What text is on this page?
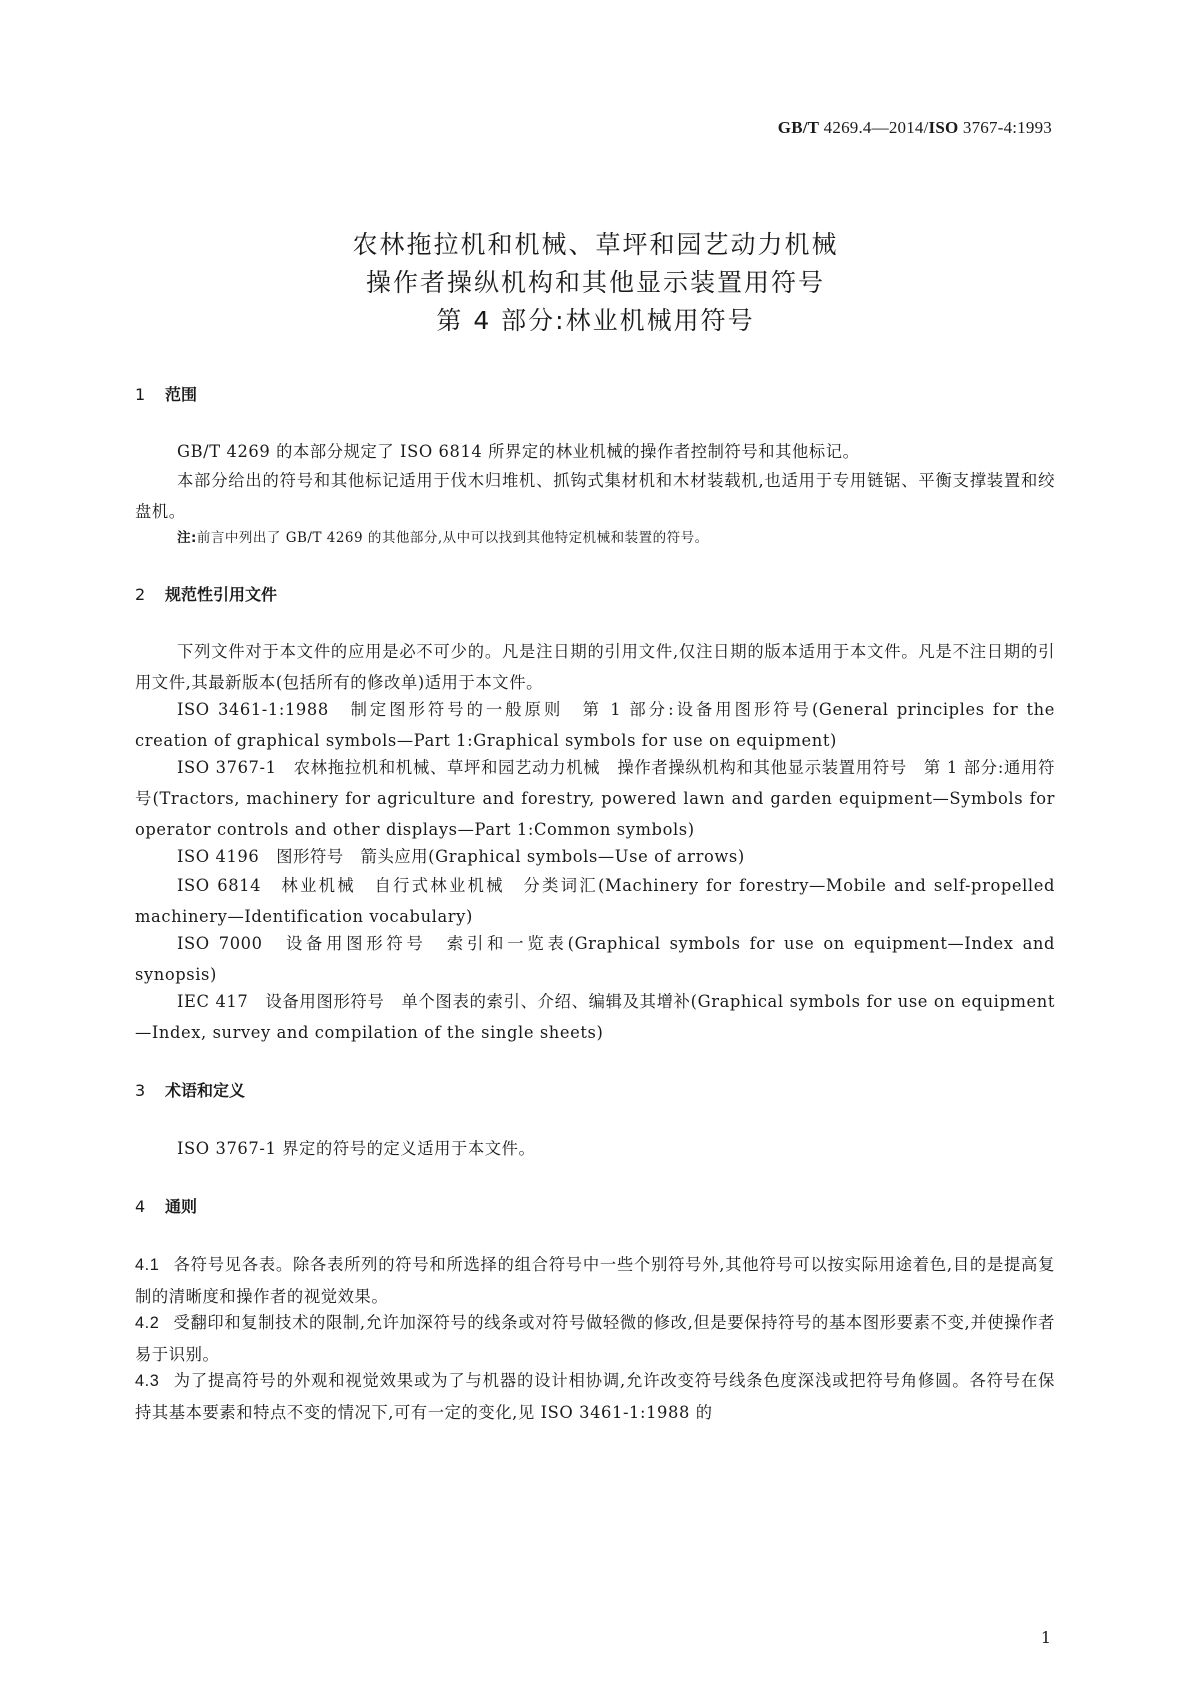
GB/T 4269.4—2014/ISO 3767-4:1993
农林拖拉机和机械、草坪和园艺动力机械
操作者操纵机构和其他显示装置用符号
第 4 部分:林业机械用符号
1 范围
GB/T 4269 的本部分规定了 ISO 6814 所界定的林业机械的操作者控制符号和其他标记。
本部分给出的符号和其他标记适用于伐木归堆机、抓钩式集材机和木材装载机,也适用于专用链锯、平衡支撑装置和绞盘机。
注:前言中列出了 GB/T 4269 的其他部分,从中可以找到其他特定机械和装置的符号。
2 规范性引用文件
下列文件对于本文件的应用是必不可少的。凡是注日期的引用文件,仅注日期的版本适用于本文件。凡是不注日期的引用文件,其最新版本(包括所有的修改单)适用于本文件。
ISO 3461-1:1988　制定图形符号的一般原则　第 1 部分:设备用图形符号(General principles for the creation of graphical symbols—Part 1:Graphical symbols for use on equipment)
ISO 3767-1　农林拖拉机和机械、草坪和园艺动力机械　操作者操纵机构和其他显示装置用符号　第 1 部分:通用符号(Tractors, machinery for agriculture and forestry, powered lawn and garden equipment—Symbols for operator controls and other displays—Part 1:Common symbols)
ISO 4196　图形符号　箭头应用(Graphical symbols—Use of arrows)
ISO 6814　林业机械　自行式林业机械　分类词汇(Machinery for forestry—Mobile and self-propelled machinery—Identification vocabulary)
ISO 7000　设备用图形符号　索引和一览表(Graphical symbols for use on equipment—Index and synopsis)
IEC 417　设备用图形符号　单个图表的索引、介绍、编辑及其增补(Graphical symbols for use on equipment—Index, survey and compilation of the single sheets)
3 术语和定义
ISO 3767-1 界定的符号的定义适用于本文件。
4 通则
4.1 各符号见各表。除各表所列的符号和所选择的组合符号中一些个别符号外,其他符号可以按实际用途着色,目的是提高复制的清晰度和操作者的视觉效果。
4.2 受翻印和复制技术的限制,允许加深符号的线条或对符号做轻微的修改,但是要保持符号的基本图形要素不变,并使操作者易于识别。
4.3 为了提高符号的外观和视觉效果或为了与机器的设计相协调,允许改变符号线条色度深浅或把符号角修圆。各符号在保持其基本要素和特点不变的情况下,可有一定的变化,见 ISO 3461-1:1988 的
1
